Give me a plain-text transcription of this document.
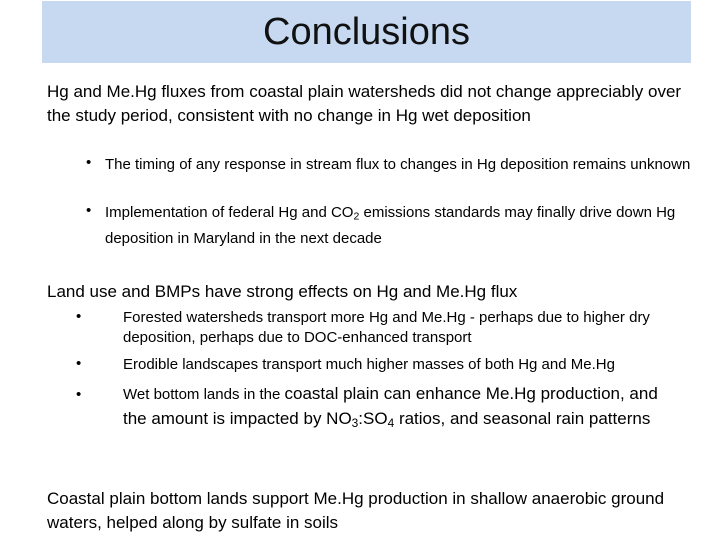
Conclusions
Hg and Me.Hg fluxes from coastal plain watersheds did not change appreciably over the study period, consistent with no change in Hg wet deposition
• The timing of any response in stream flux to changes in Hg deposition remains unknown
• Implementation of federal Hg and $CO_2$ emissions standards may finally drive down Hg deposition in Maryland in the next decade
Land use and BMPs have strong effects on Hg and Me.Hg flux
•	Forested watersheds transport more Hg and Me.Hg - perhaps due to higher dry deposition, perhaps due to DOC-enhanced transport
•	Erodible landscapes transport much higher masses of both Hg and Me.Hg
•	Wet bottom lands in the coastal plain can enhance Me.Hg production, and the amount is impacted by $NO_3:SO_4$ ratios, and seasonal rain patterns
Coastal plain bottom lands support Me.Hg production in shallow anaerobic ground waters, helped along by sulfate in soils
